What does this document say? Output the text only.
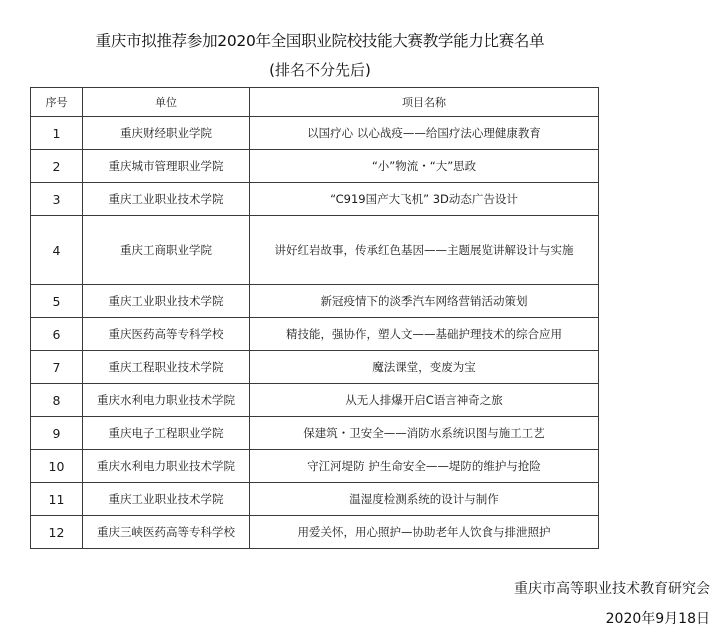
重庆市拟推荐参加2020年全国职业院校技能大赛教学能力比赛名单
(排名不分先后)
序号	单位	项目名称
1	重庆财经职业学院	以国疗心 以心战疫——给国疗法心理健康教育
2	重庆城市管理职业学院	“小”物流・“大”思政
3	重庆工业职业技术学院	“C919国产大飞机” 3D动态广告设计
4	重庆工商职业学院	讲好红岩故事，传承红色基因——主题展览讲解设计与实施
5	重庆工业职业技术学院	新冠疫情下的淡季汽车网络营销活动策划
6	重庆医药高等专科学校	精技能，强协作，塑人文——基础护理技术的综合应用
7	重庆工程职业技术学院	魔法课堂，变废为宝
8	重庆水利电力职业技术学院	从无人排爆开启C语言神奇之旅
9	重庆电子工程职业学院	保建筑・卫安全——消防水系统识图与施工工艺
10	重庆水利电力职业技术学院	守江河堤防 护生命安全——堤防的维护与抢险
11	重庆工业职业技术学院	温湿度检测系统的设计与制作
12	重庆三峡医药高等专科学校	用爱关怀，用心照护—协助老年人饮食与排泄照护
重庆市高等职业技术教育研究会
2020年9月18日
